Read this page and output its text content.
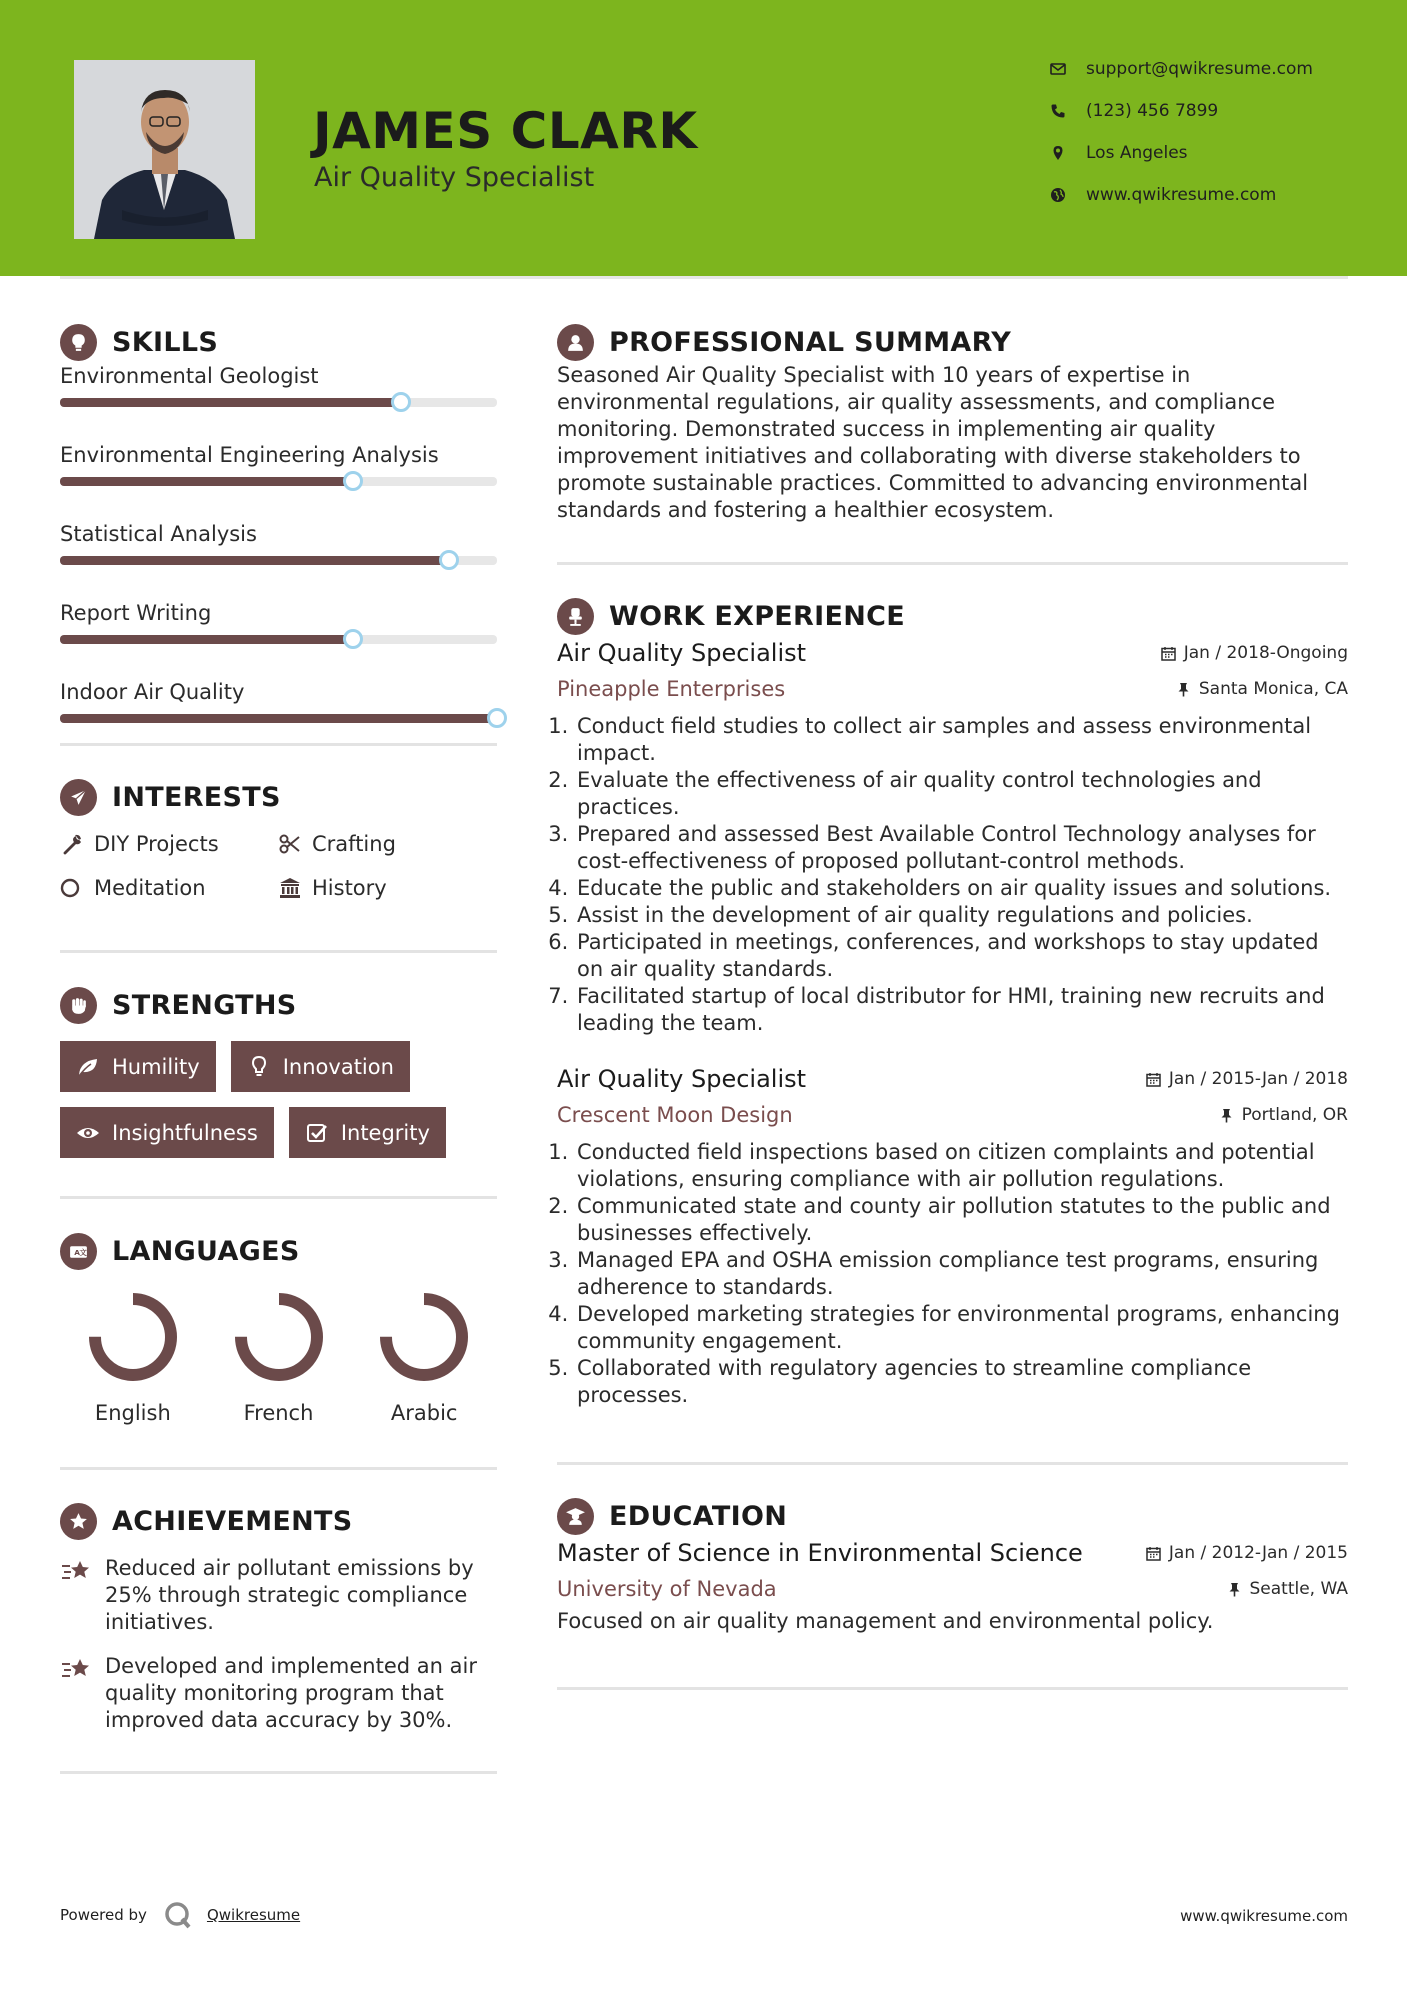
JAMES CLARK
Air Quality Specialist
support@qwikresume.com
(123) 456 7899
Los Angeles
www.qwikresume.com
SKILLS
Environmental Geologist
Environmental Engineering Analysis
Statistical Analysis
Report Writing
Indoor Air Quality
INTERESTS
DIY Projects	Crafting
Meditation	History
STRENGTHS
Humility	Innovation
Insightfulness	Integrity
A 文 LANGUAGES
English	French	Arabic
ACHIEVEMENTS
Reduced air pollutant emissions by 25% through strategic compliance initiatives.
Developed and implemented an air quality monitoring program that improved data accuracy by 30%.
PROFESSIONAL SUMMARY
Seasoned Air Quality Specialist with 10 years of expertise in environmental regulations, air quality assessments, and compliance monitoring. Demonstrated success in implementing air quality improvement initiatives and collaborating with diverse stakeholders to promote sustainable practices. Committed to advancing environmental standards and fostering a healthier ecosystem.
WORK EXPERIENCE
Air Quality Specialist	Jan / 2018-Ongoing
Pineapple Enterprises	Santa Monica, CA
1. Conduct field studies to collect air samples and assess environmental impact.
2. Evaluate the effectiveness of air quality control technologies and practices.
3. Prepared and assessed Best Available Control Technology analyses for cost-effectiveness of proposed pollutant-control methods.
4. Educate the public and stakeholders on air quality issues and solutions.
5. Assist in the development of air quality regulations and policies.
6. Participated in meetings, conferences, and workshops to stay updated on air quality standards.
7. Facilitated startup of local distributor for HMI, training new recruits and leading the team.
Air Quality Specialist	Jan / 2015-Jan / 2018
Crescent Moon Design	Portland, OR
1. Conducted field inspections based on citizen complaints and potential violations, ensuring compliance with air pollution regulations.
2. Communicated state and county air pollution statutes to the public and businesses effectively.
3. Managed EPA and OSHA emission compliance test programs, ensuring adherence to standards.
4. Developed marketing strategies for environmental programs, enhancing community engagement.
5. Collaborated with regulatory agencies to streamline compliance processes.
EDUCATION
Master of Science in Environmental Science	Jan / 2012-Jan / 2015
University of Nevada	Seattle, WA
Focused on air quality management and environmental policy.
Powered by	Qwikresume	www.qwikresume.com
